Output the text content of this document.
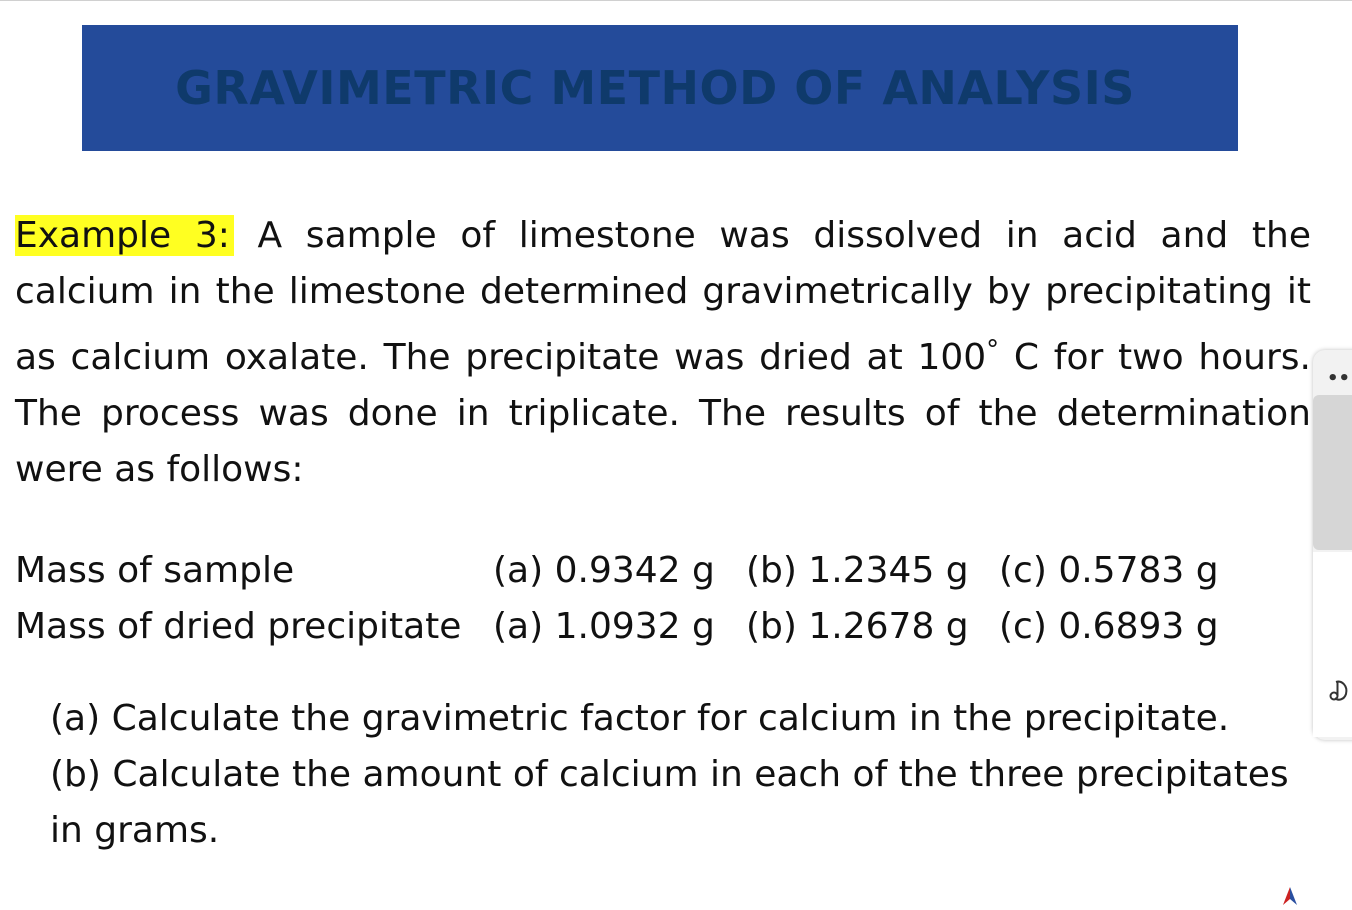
GRAVIMETRIC METHOD OF ANALYSIS
Example 3: A sample of limestone was dissolved in acid and the calcium in the limestone determined gravimetrically by precipitating it as calcium oxalate. The precipitate was dried at 100° C for two hours. The process was done in triplicate. The results of the determination were as follows:
Mass of sample	(a) 0.9342 g (b) 1.2345 g (c) 0.5783 g
Mass of dried precipitate (a) 1.0932 g (b) 1.2678 g (c) 0.6893 g
(a) Calculate the gravimetric factor for calcium in the precipitate.
(b) Calculate the amount of calcium in each of the three precipitates
in grams.
••
